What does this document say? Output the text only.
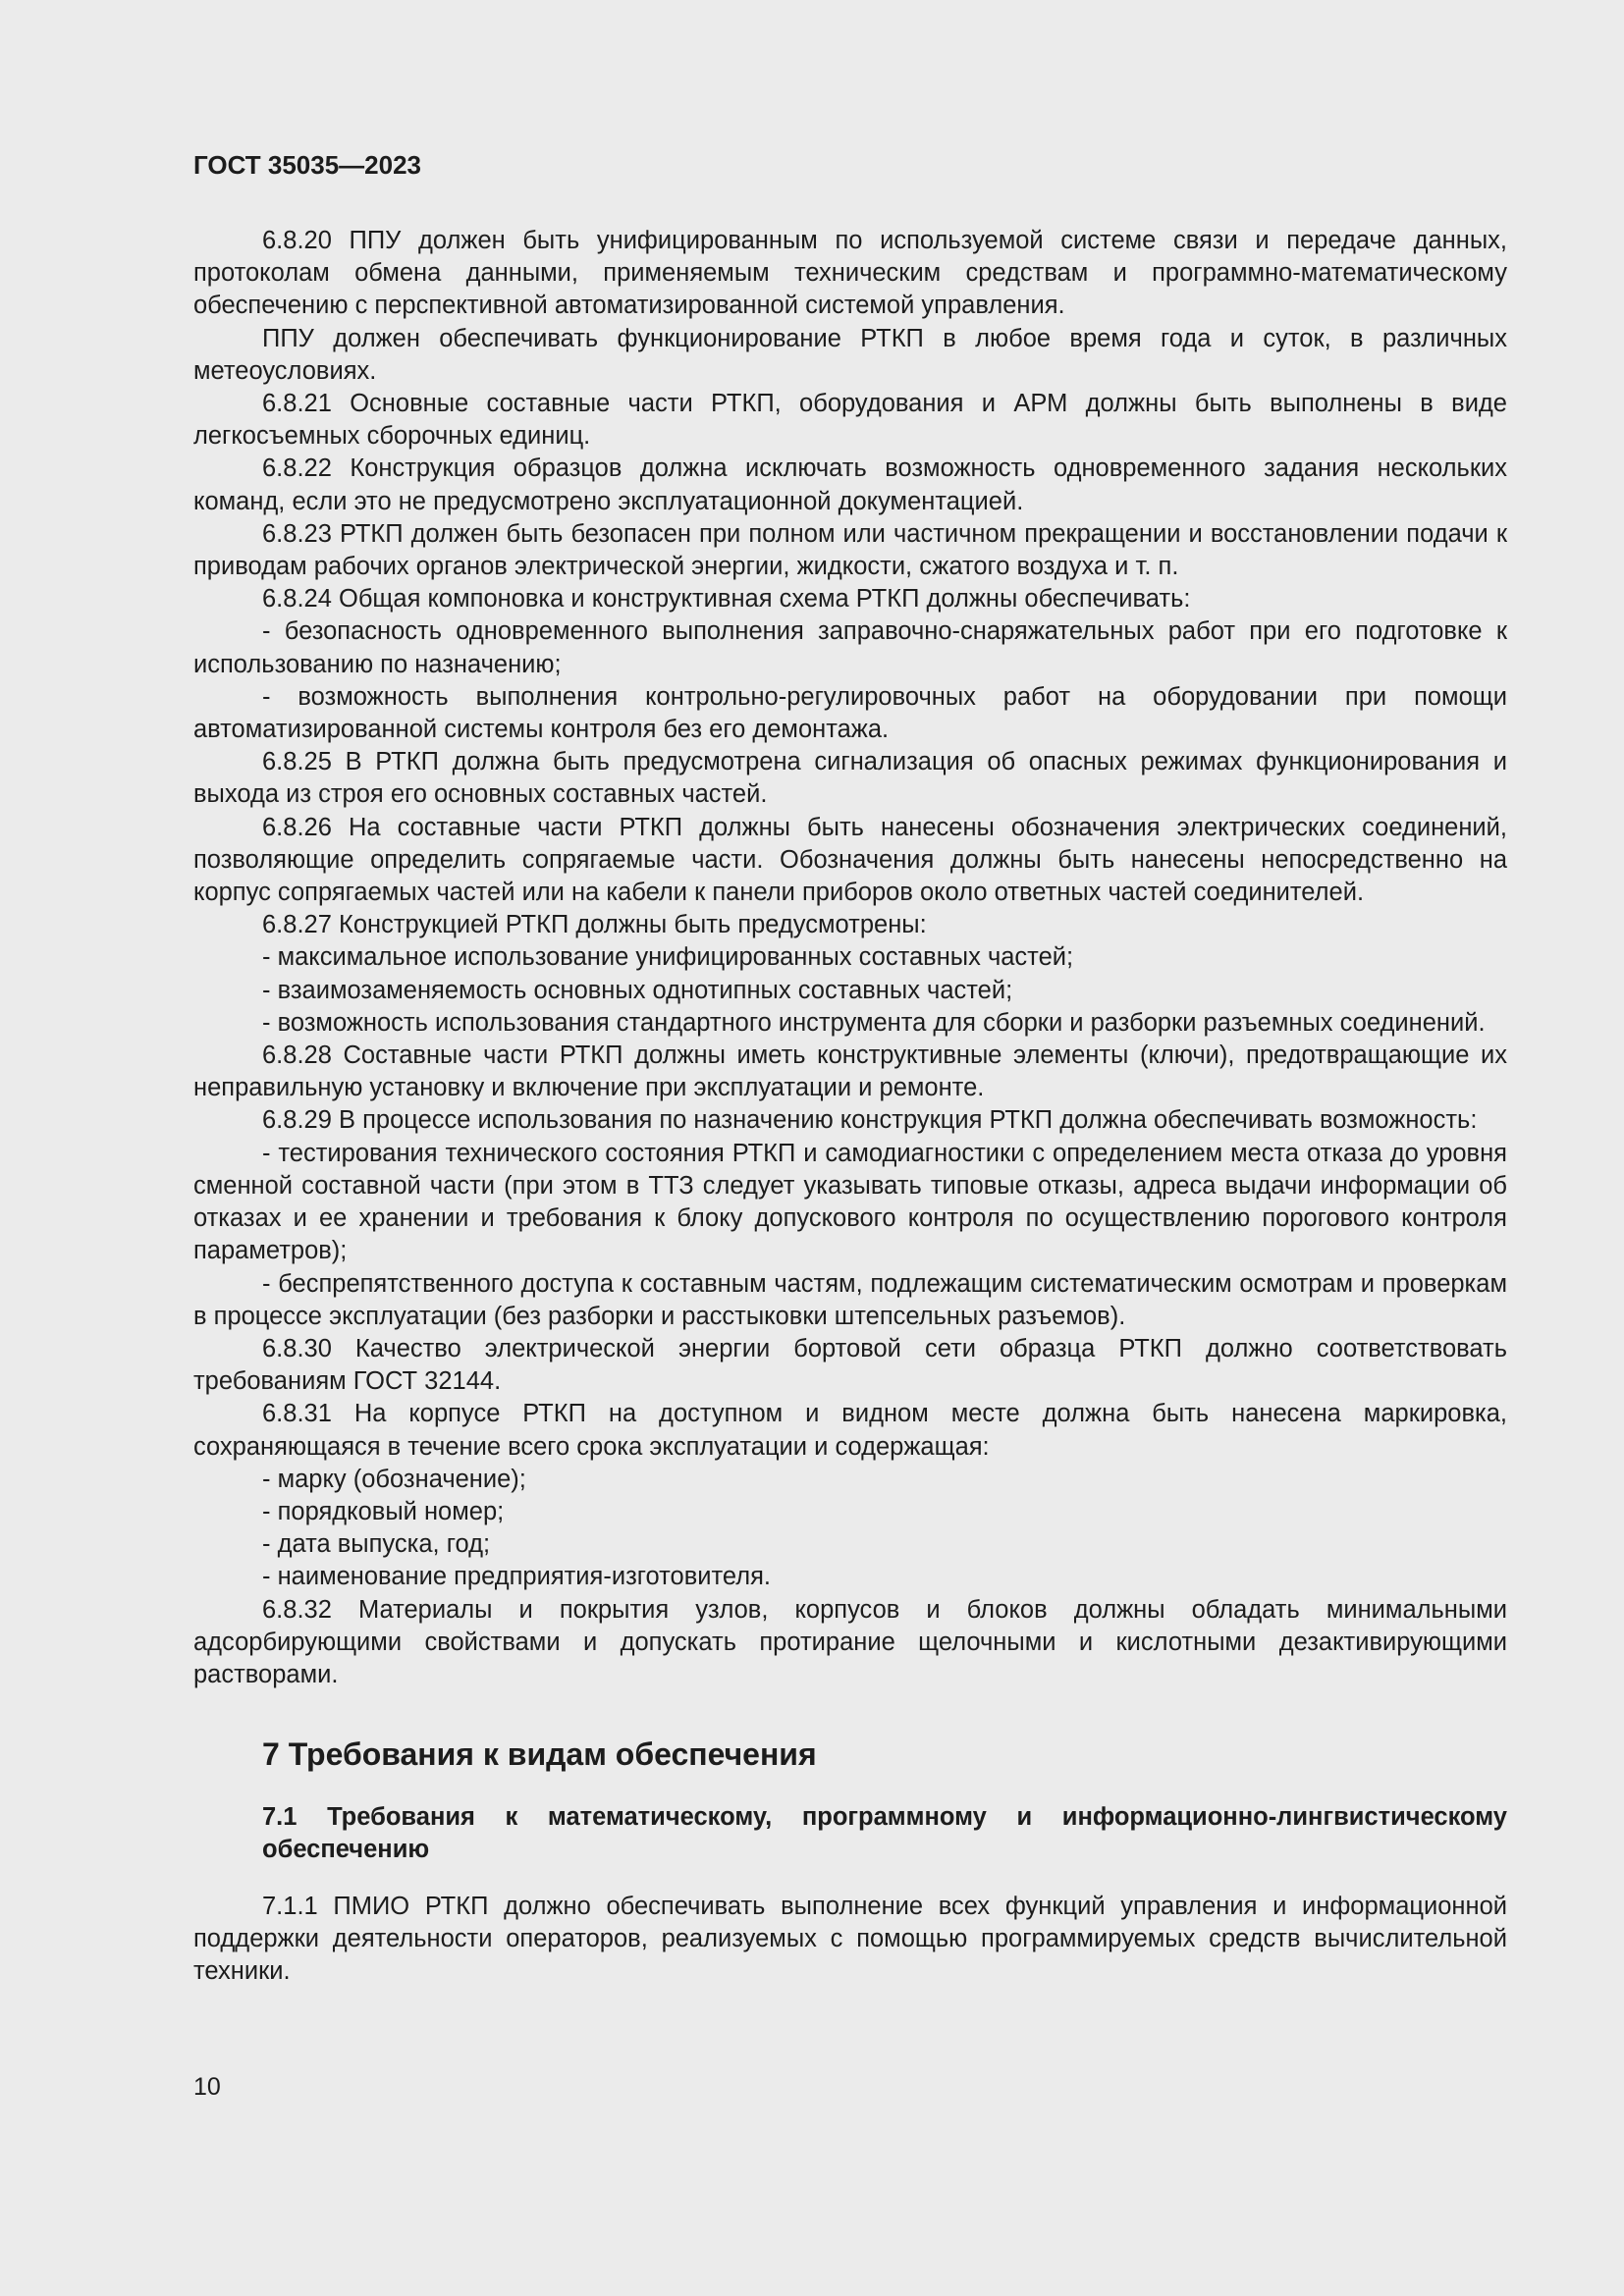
ГОСТ 35035—2023

6.8.20 ППУ должен быть унифицированным по используемой системе связи и передаче данных, протоколам обмена данными, применяемым техническим средствам и программно-математическому обеспечению с перспективной автоматизированной системой управления.

ППУ должен обеспечивать функционирование РТКП в любое время года и суток, в различных метеоусловиях.

6.8.21 Основные составные части РТКП, оборудования и АРМ должны быть выполнены в виде легкосъемных сборочных единиц.

6.8.22 Конструкция образцов должна исключать возможность одновременного задания нескольких команд, если это не предусмотрено эксплуатационной документацией.

6.8.23 РТКП должен быть безопасен при полном или частичном прекращении и восстановлении подачи к приводам рабочих органов электрической энергии, жидкости, сжатого воздуха и т. п.

6.8.24 Общая компоновка и конструктивная схема РТКП должны обеспечивать:

- безопасность одновременного выполнения заправочно-снаряжательных работ при его подготовке к использованию по назначению;

- возможность выполнения контрольно-регулировочных работ на оборудовании при помощи автоматизированной системы контроля без его демонтажа.

6.8.25 В РТКП должна быть предусмотрена сигнализация об опасных режимах функционирования и выхода из строя его основных составных частей.

6.8.26 На составные части РТКП должны быть нанесены обозначения электрических соединений, позволяющие определить сопрягаемые части. Обозначения должны быть нанесены непосредственно на корпус сопрягаемых частей или на кабели к панели приборов около ответных частей соединителей.

6.8.27 Конструкцией РТКП должны быть предусмотрены:

- максимальное использование унифицированных составных частей;

- взаимозаменяемость основных однотипных составных частей;

- возможность использования стандартного инструмента для сборки и разборки разъемных соединений.

6.8.28 Составные части РТКП должны иметь конструктивные элементы (ключи), предотвращающие их неправильную установку и включение при эксплуатации и ремонте.

6.8.29 В процессе использования по назначению конструкция РТКП должна обеспечивать возможность:

- тестирования технического состояния РТКП и самодиагностики с определением места отказа до уровня сменной составной части (при этом в ТТЗ следует указывать типовые отказы, адреса выдачи информации об отказах и ее хранении и требования к блоку допускового контроля по осуществлению порогового контроля параметров);

- беспрепятственного доступа к составным частям, подлежащим систематическим осмотрам и проверкам в процессе эксплуатации (без разборки и расстыковки штепсельных разъемов).

6.8.30 Качество электрической энергии бортовой сети образца РТКП должно соответствовать требованиям ГОСТ 32144.

6.8.31 На корпусе РТКП на доступном и видном месте должна быть нанесена маркировка, сохраняющаяся в течение всего срока эксплуатации и содержащая:

- марку (обозначение);

- порядковый номер;

- дата выпуска, год;

- наименование предприятия-изготовителя.

6.8.32 Материалы и покрытия узлов, корпусов и блоков должны обладать минимальными адсорбирующими свойствами и допускать протирание щелочными и кислотными дезактивирующими растворами.

7 Требования к видам обеспечения
7.1 Требования к математическому, программному и информационно-лингвистическому обеспечению

7.1.1 ПМИО РТКП должно обеспечивать выполнение всех функций управления и информационной поддержки деятельности операторов, реализуемых с помощью программируемых средств вычислительной техники.

10
